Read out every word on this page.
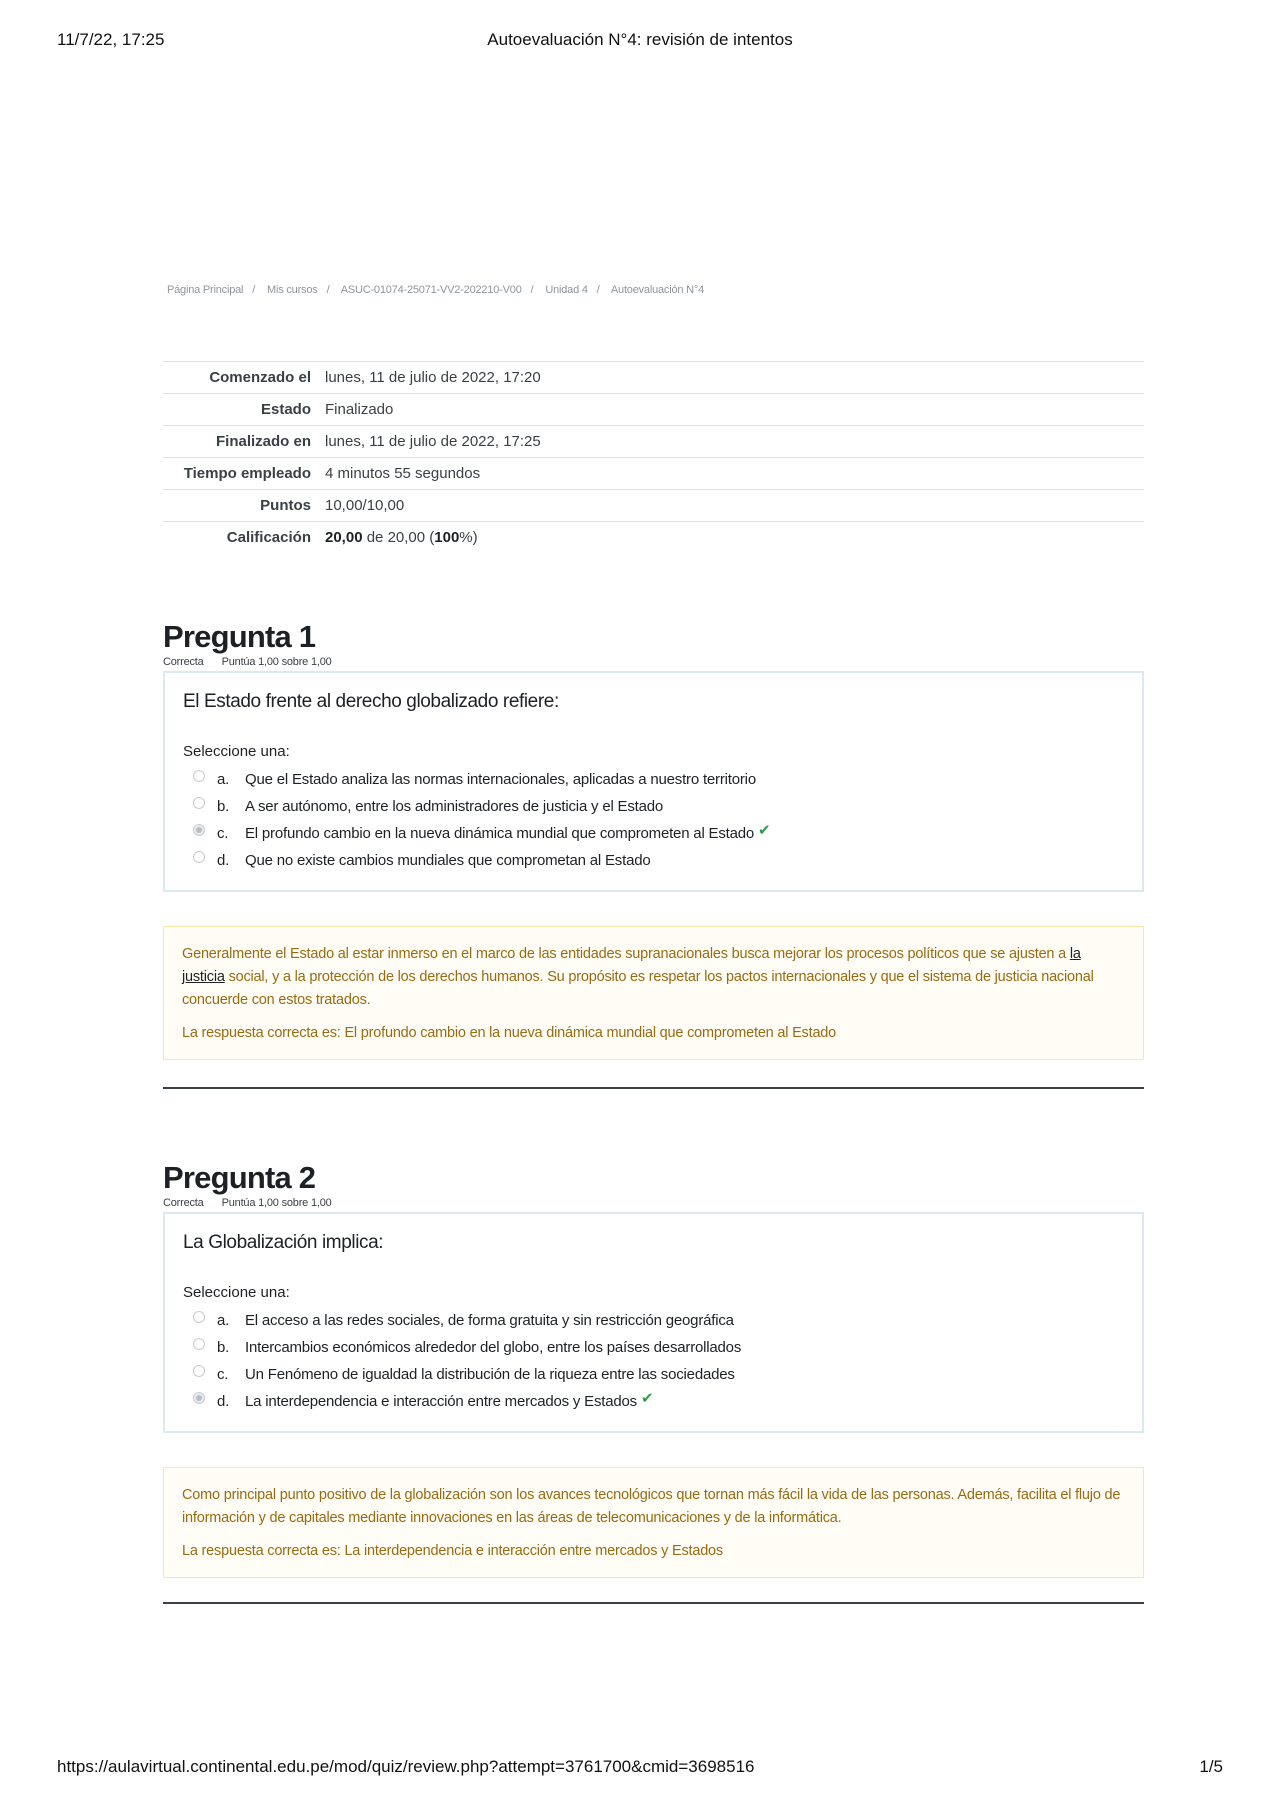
11/7/22, 17:25	Autoevaluación N°4: revisión de intentos
Página Principal / Mis cursos / ASUC-01074-25071-VV2-202210-V00 / Unidad 4 / Autoevaluación N°4
Comenzado el	lunes, 11 de julio de 2022, 17:20
Estado	Finalizado
Finalizado en	lunes, 11 de julio de 2022, 17:25
Tiempo empleado	4 minutos 55 segundos
Puntos	10,00/10,00
Calificación	20,00 de 20,00 (100%)
Pregunta 1
Correcta Puntúa 1,00 sobre 1,00
El Estado frente al derecho globalizado refiere:
Seleccione una:
a.	Que el Estado analiza las normas internacionales, aplicadas a nuestro territorio
b.	A ser autónomo, entre los administradores de justicia y el Estado
c.	El profundo cambio en la nueva dinámica mundial que comprometen al Estado ✔
d.	Que no existe cambios mundiales que comprometan al Estado
Generalmente el Estado al estar inmerso en el marco de las entidades supranacionales busca mejorar los procesos políticos que se ajusten a la justicia social, y a la protección de los derechos humanos. Su propósito es respetar los pactos internacionales y que el sistema de justicia nacional concuerde con estos tratados.
La respuesta correcta es: El profundo cambio en la nueva dinámica mundial que comprometen al Estado
Pregunta 2
Correcta Puntúa 1,00 sobre 1,00
La Globalización implica:
Seleccione una:
a.	El acceso a las redes sociales, de forma gratuita y sin restricción geográfica
b.	Intercambios económicos alrededor del globo, entre los países desarrollados
c.	Un Fenómeno de igualdad la distribución de la riqueza entre las sociedades
d.	La interdependencia e interacción entre mercados y Estados ✔
Como principal punto positivo de la globalización son los avances tecnológicos que tornan más fácil la vida de las personas. Además, facilita el flujo de información y de capitales mediante innovaciones en las áreas de telecomunicaciones y de la informática.
La respuesta correcta es: La interdependencia e interacción entre mercados y Estados
https://aulavirtual.continental.edu.pe/mod/quiz/review.php?attempt=3761700&cmid=3698516	1/5
